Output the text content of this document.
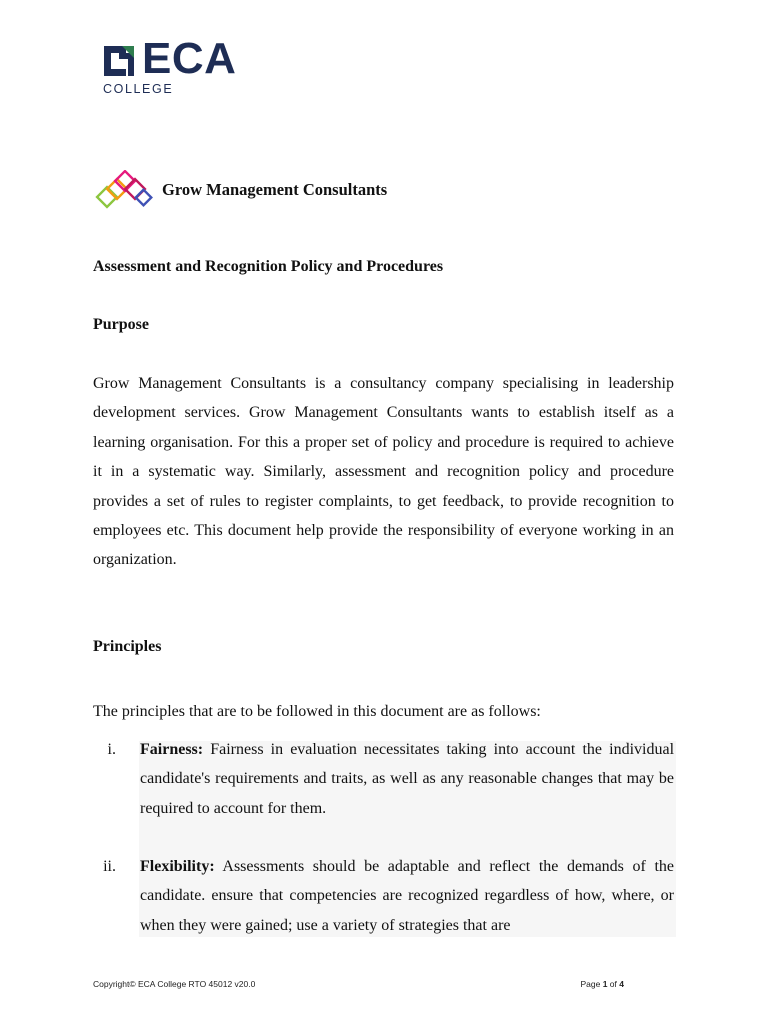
ECA
COLLEGE
Grow Management Consultants
Assessment and Recognition Policy and Procedures
Purpose
Grow Management Consultants is a consultancy company specialising in leadership development services. Grow Management Consultants wants to establish itself as a learning organisation. For this a proper set of policy and procedure is required to achieve it in a systematic way. Similarly, assessment and recognition policy and procedure provides a set of rules to register complaints, to get feedback, to provide recognition to employees etc. This document help provide the responsibility of everyone working in an organization.
Principles
The principles that are to be followed in this document are as follows:
i. Fairness: Fairness in evaluation necessitates taking into account the individual candidate's requirements and traits, as well as any reasonable changes that may be required to account for them.
ii. Flexibility: Assessments should be adaptable and reflect the demands of the candidate. ensure that competencies are recognized regardless of how, where, or when they were gained; use a variety of strategies that are
Copyright© ECA College RTO 45012 v20.0	Page 1 of 4
